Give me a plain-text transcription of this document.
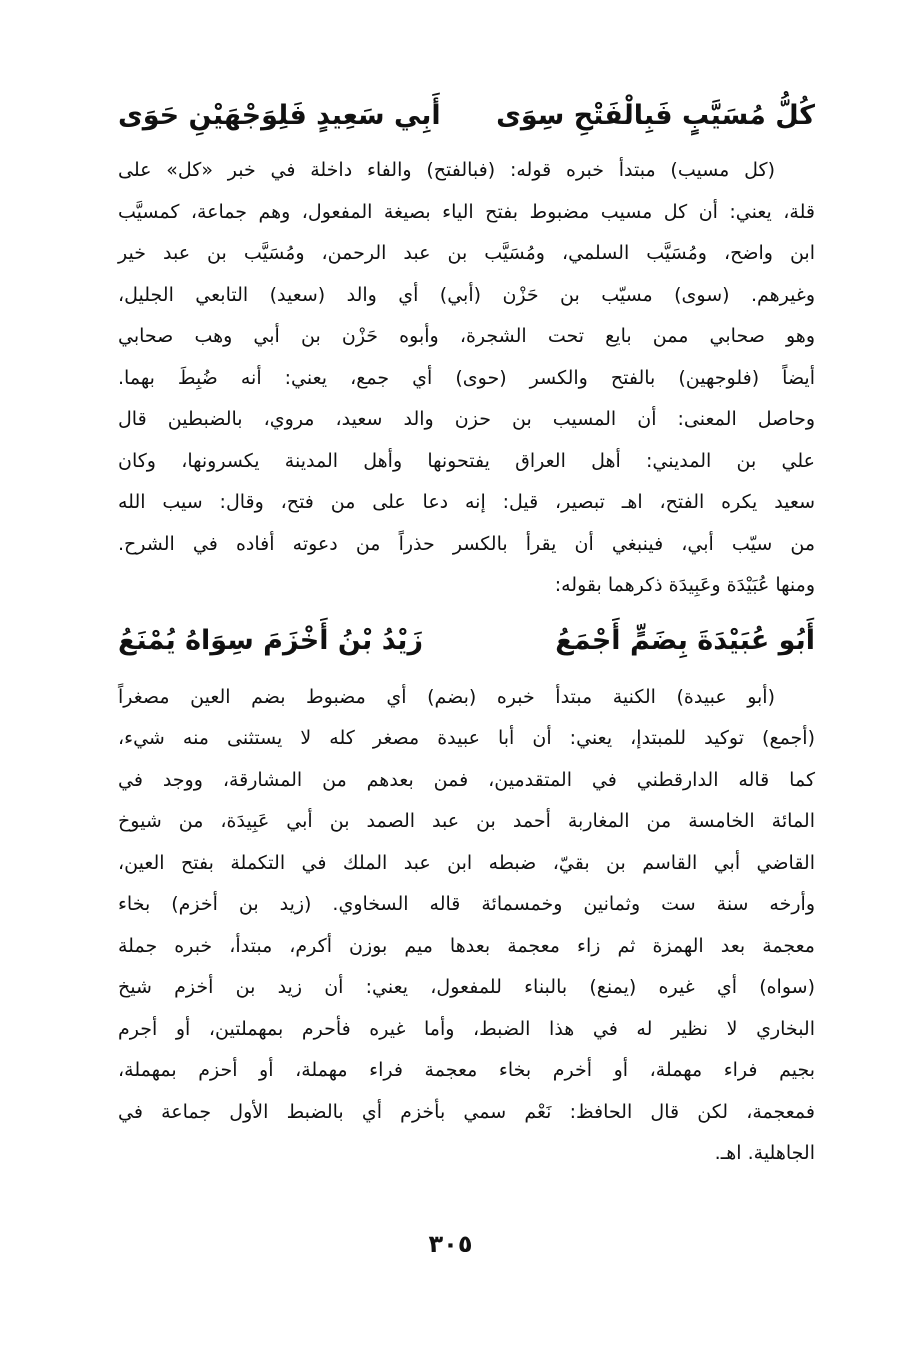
كُلُّ مُسَيَّبٍ فَبِالْفَتْحِ سِوَى
أَبِي سَعِيدٍ فَلِوَجْهَيْنِ حَوَى
(كل مسيب) مبتدأ خبره قوله: (فبالفتح) والفاء داخلة في خبر «كل» على
قلة، يعني: أن كل مسيب مضبوط بفتح الياء بصيغة المفعول، وهم جماعة، كمسيَّب
ابن واضح، ومُسَيَّب السلمي، ومُسَيَّب بن عبد الرحمن، ومُسَيَّب بن عبد خير
وغيرهم. (سوى) مسيّب بن حَزْن (أبي) أي والد (سعيد) التابعي الجليل،
وهو صحابي ممن بايع تحت الشجرة، وأبوه حَزْن بن أبي وهب صحابي
أيضاً (فلوجهين) بالفتح والكسر (حوى) أي جمع، يعني: أنه ضُبِطَ بهما.
وحاصل المعنى: أن المسيب بن حزن والد سعيد، مروي، بالضبطين قال
علي بن المديني: أهل العراق يفتحونها وأهل المدينة يكسرونها، وكان
سعيد يكره الفتح، اهـ تبصير، قيل: إنه دعا على من فتح، وقال: سيب الله
من سيّب أبي، فينبغي أن يقرأ بالكسر حذراً من دعوته أفاده في الشرح.
ومنها عُبَيْدَة وعَبِيدَة ذكرهما بقوله:
أَبُو عُبَيْدَةَ بِضَمٍّ أَجْمَعُ
زَيْدُ بْنُ أَخْزَمَ سِوَاهُ يُمْنَعُ
(أبو عبيدة) الكنية مبتدأ خبره (بضم) أي مضبوط بضم العين مصغراً
(أجمع) توكيد للمبتدإ، يعني: أن أبا عبيدة مصغر كله لا يستثنى منه شيء،
كما قاله الدارقطني في المتقدمين، فمن بعدهم من المشارقة، ووجد في
المائة الخامسة من المغاربة أحمد بن عبد الصمد بن أبي عَبِيدَة، من شيوخ
القاضي أبي القاسم بن بقيّ، ضبطه ابن عبد الملك في التكملة بفتح العين،
وأرخه سنة ست وثمانين وخمسمائة قاله السخاوي. (زيد بن أخزم) بخاء
معجمة بعد الهمزة ثم زاء معجمة بعدها ميم بوزن أكرم، مبتدأ، خبره جملة
(سواه) أي غيره (يمنع) بالبناء للمفعول، يعني: أن زيد بن أخزم شيخ
البخاري لا نظير له في هذا الضبط، وأما غيره فأحرم بمهملتين، أو أجرم
بجيم فراء مهملة، أو أخرم بخاء معجمة فراء مهملة، أو أحزم بمهملة،
فمعجمة، لكن قال الحافظ: نَعْم سمي بأخزم أي بالضبط الأول جماعة في
الجاهلية. اهـ.
٣٠٥
